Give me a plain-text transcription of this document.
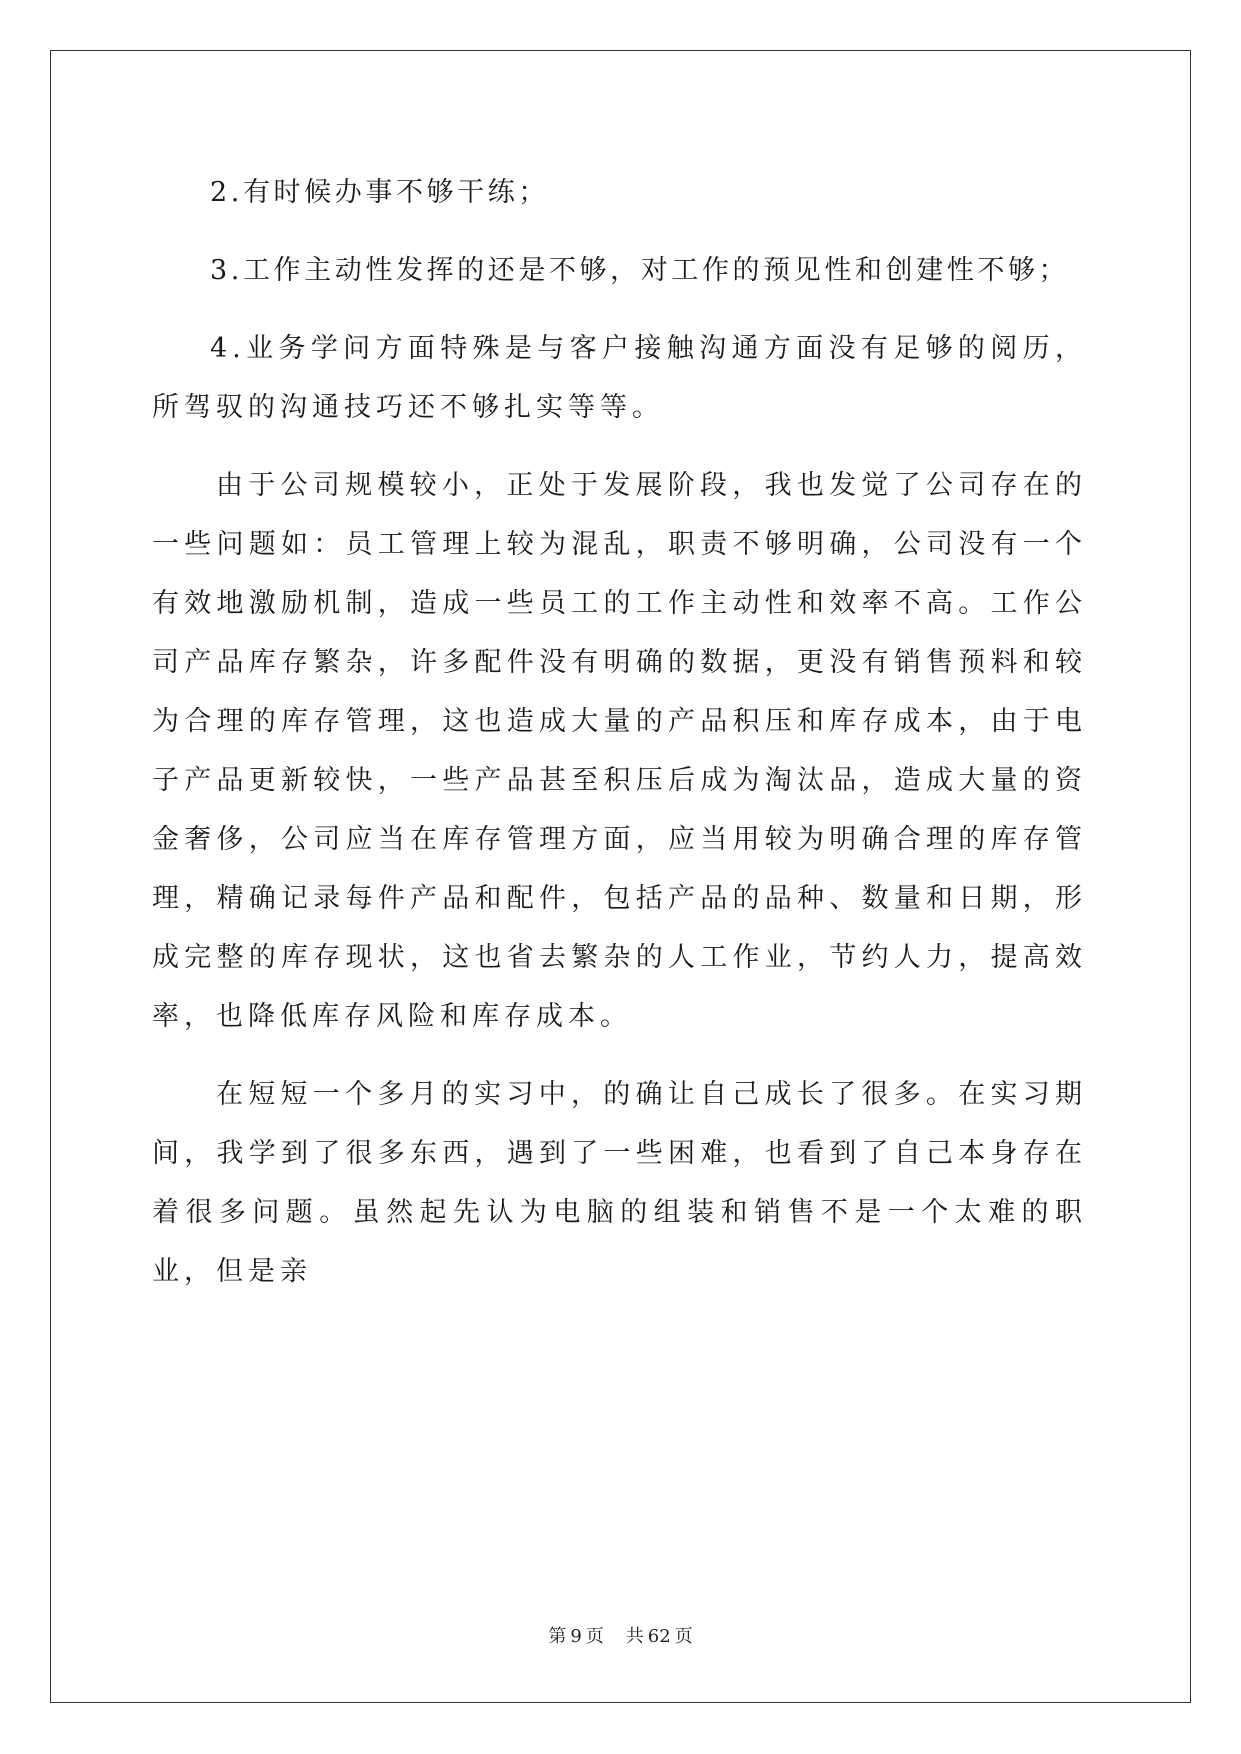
2.有时候办事不够干练；

3.工作主动性发挥的还是不够，对工作的预见性和创建性不够；

4.业务学问方面特殊是与客户接触沟通方面没有足够的阅历，所驾驭的沟通技巧还不够扎实等等。

由于公司规模较小，正处于发展阶段，我也发觉了公司存在的一些问题如：员工管理上较为混乱，职责不够明确，公司没有一个有效地激励机制，造成一些员工的工作主动性和效率不高。工作公司产品库存繁杂，许多配件没有明确的数据，更没有销售预料和较为合理的库存管理，这也造成大量的产品积压和库存成本，由于电子产品更新较快，一些产品甚至积压后成为淘汰品，造成大量的资金奢侈，公司应当在库存管理方面，应当用较为明确合理的库存管理，精确记录每件产品和配件，包括产品的品种、数量和日期，形成完整的库存现状，这也省去繁杂的人工作业，节约人力，提高效率，也降低库存风险和库存成本。

在短短一个多月的实习中，的确让自己成长了很多。在实习期间，我学到了很多东西，遇到了一些困难，也看到了自己本身存在着很多问题。虽然起先认为电脑的组装和销售不是一个太难的职业，但是亲

第 9 页 共 62 页
